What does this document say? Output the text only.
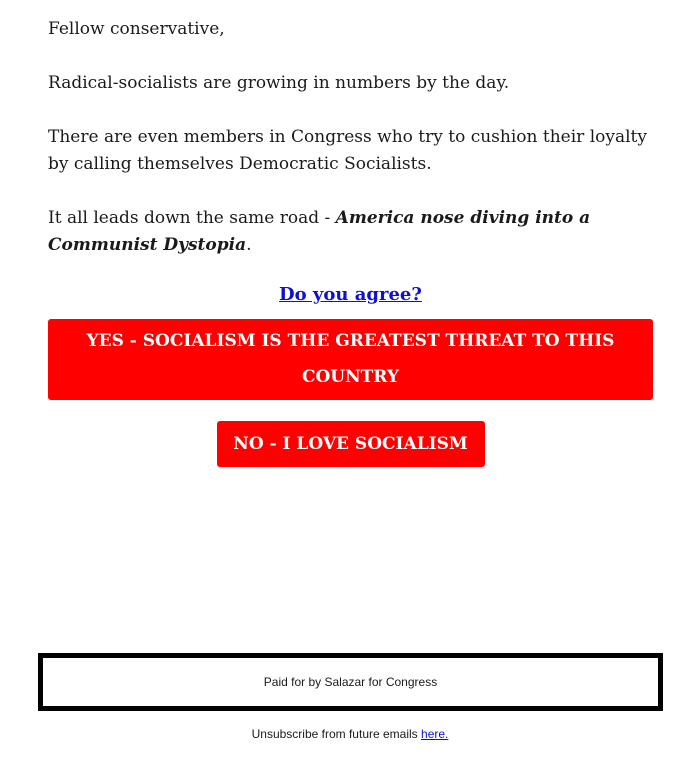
Fellow conservative,

Radical-socialists are growing in numbers by the day.

There are even members in Congress who try to cushion their loyalty by calling themselves Democratic Socialists.

It all leads down the same road - America nose diving into a Communist Dystopia.

Do you agree?
YES - SOCIALISM IS THE GREATEST THREAT TO THIS COUNTRY
NO - I LOVE SOCIALISM
Paid for by Salazar for Congress
Unsubscribe from future emails here.
